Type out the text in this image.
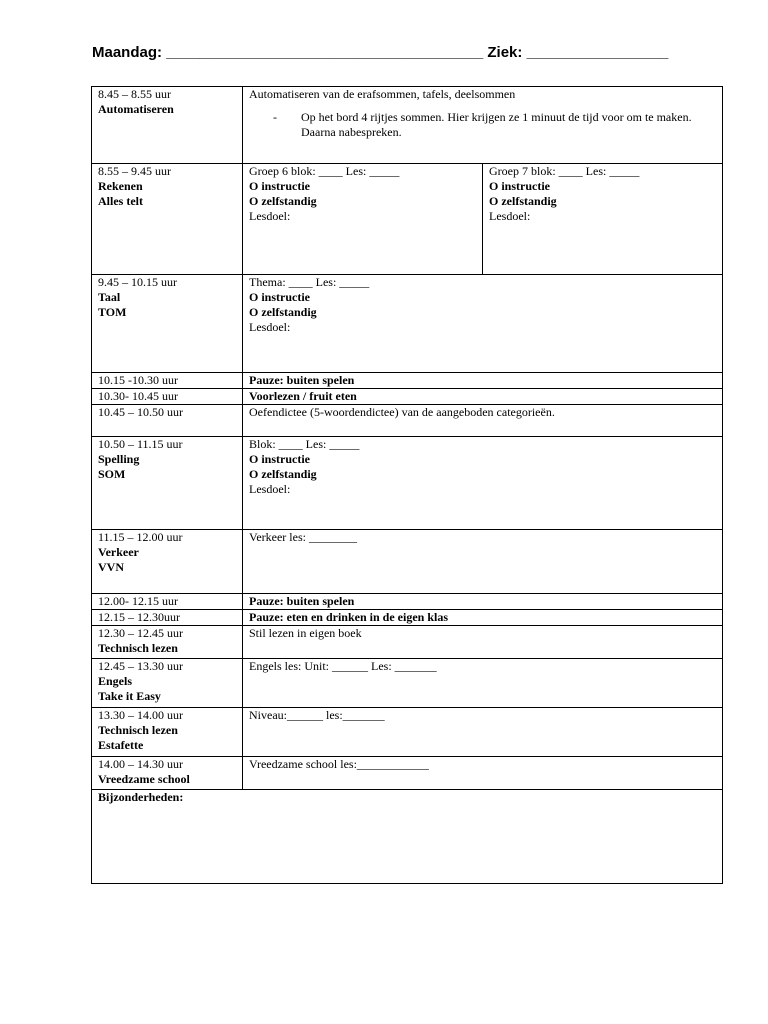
Maandag: ______________________________________ Ziek: _________________
8.45 – 8.55 uur
Automatiseren	Automatiseren van de erafsommen, tafels, deelsommen
- Op het bord 4 rijtjes sommen. Hier krijgen ze 1 minuut de tijd voor om te maken. Daarna nabespreken.	

8.55 – 9.45 uur
Rekenen
Alles telt	Groep 6 blok: ____ Les: _____
O instructie
O zelfstandig
Lesdoel:	Groep 7 blok: ____ Les: _____
O instructie
O zelfstandig
Lesdoel:

9.45 – 10.15 uur
Taal
TOM	Thema: ____ Les: _____
O instructie
O zelfstandig
Lesdoel:	

10.15 -10.30 uur	Pauze: buiten spelen	

10.30- 10.45 uur	Voorlezen / fruit eten	

10.45 – 10.50 uur	Oefendictee (5-woordendictee) van de aangeboden categorieën.	

10.50 – 11.15 uur
Spelling
SOM	Blok: ____ Les: _____
O instructie
O zelfstandig
Lesdoel:	

11.15 – 12.00 uur
Verkeer
VVN	Verkeer les: ________	

12.00- 12.15 uur	Pauze: buiten spelen	

12.15 – 12.30uur	Pauze: eten en drinken in de eigen klas	

12.30 – 12.45 uur
Technisch lezen	Stil lezen in eigen boek	

12.45 – 13.30 uur
Engels
Take it Easy	Engels les: Unit: ______ Les: _______	

13.30 – 14.00 uur
Technisch lezen
Estafette	Niveau:______ les:_______	

14.00 – 14.30 uur
Vreedzame school	Vreedzame school les:____________	

Bijzonderheden:		
